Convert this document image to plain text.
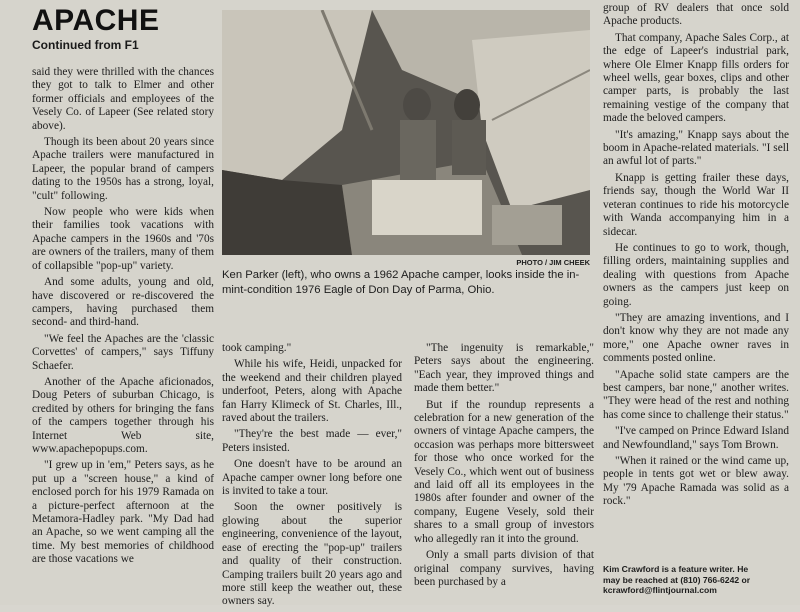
APACHE
Continued from F1

said they were thrilled with the chances they got to talk to Elmer and other former officials and employees of the Vesely Co. of Lapeer (See related story above).

Though its been about 20 years since Apache trailers were manufactured in Lapeer, the popular brand of campers dating to the 1950s has a strong, loyal, "cult" following.

Now people who were kids when their families took vacations with Apache campers in the 1960s and '70s are owners of the trailers, many of them of collapsible "pop-up" variety.

And some adults, young and old, have discovered or re-discovered the campers, having purchased them second- and third-hand.

"We feel the Apaches are the 'classic Corvettes' of campers," says Tiffuny Schaefer.

Another of the Apache aficionados, Doug Peters of suburban Chicago, is credited by others for bringing the fans of the campers together through his Internet Web site, www.apachepopups.com.

"I grew up in 'em," Peters says, as he put up a "screen house," a kind of enclosed porch for his 1979 Ramada on a picture-perfect afternoon at the Metamora-Hadley park. "My Dad had an Apache, so we went camping all the time. My best memories of childhood are those vacations we

PHOTO / JIM CHEEK
Ken Parker (left), who owns a 1962 Apache camper, looks inside the in-mint-condition 1976 Eagle of Don Day of Parma, Ohio.

took camping."

While his wife, Heidi, unpacked for the weekend and their children played underfoot, Peters, along with Apache fan Harry Klimeck of St. Charles, Ill., raved about the trailers.

"They're the best made — ever," Peters insisted.

One doesn't have to be around an Apache camper owner long before one is invited to take a tour.

Soon the owner positively is glowing about the superior engineering, convenience of the layout, ease of erecting the "pop-up" trailers and quality of their construction. Camping trailers built 20 years ago and more still keep the weather out, these owners say.

"The ingenuity is remarkable," Peters says about the engineering. "Each year, they improved things and made them better."

But if the roundup represents a celebration for a new generation of the owners of vintage Apache campers, the occasion was perhaps more bittersweet for those who once worked for the Vesely Co., which went out of business and laid off all its employees in the 1980s after founder and owner of the company, Eugene Vesely, sold their shares to a small group of investors who allegedly ran it into the ground.

Only a small parts division of that original company survives, having been purchased by a

group of RV dealers that once sold Apache products.

That company, Apache Sales Corp., at the edge of Lapeer's industrial park, where Ole Elmer Knapp fills orders for wheel wells, gear boxes, clips and other camper parts, is probably the last remaining vestige of the company that made the beloved campers.

"It's amazing," Knapp says about the boom in Apache-related materials. "I sell an awful lot of parts."

Knapp is getting frailer these days, friends say, though the World War II veteran continues to ride his motorcycle with Wanda accompanying him in a sidecar.

He continues to go to work, though, filling orders, maintaining supplies and dealing with questions from Apache owners as the campers just keep on going.

"They are amazing inventions, and I don't know why they are not made any more," one Apache owner raves in comments posted online.

"Apache solid state campers are the best campers, bar none," another writes. "They were head of the rest and nothing has come since to challenge their status."

"I've camped on Prince Edward Island and Newfoundland," says Tom Brown.

"When it rained or the wind came up, people in tents got wet or blew away. My '79 Apache Ramada was solid as a rock."

Kim Crawford is a feature writer. He
may be reached at (810) 766-6242 or
kcrawford@flintjournal.com
